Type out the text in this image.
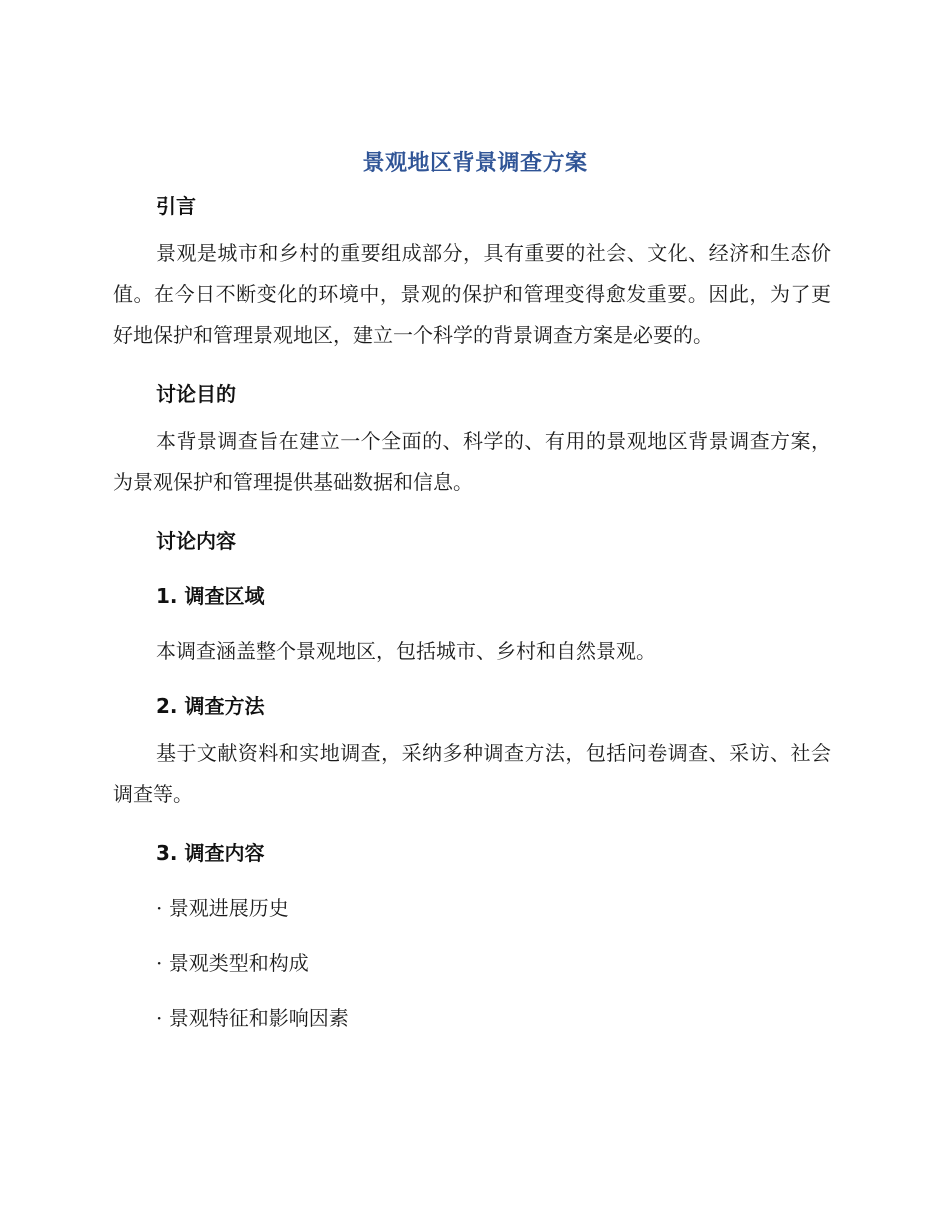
景观地区背景调查方案
引言

景观是城市和乡村的重要组成部分，具有重要的社会、文化、经济和生态价值。在今日不断变化的环境中，景观的保护和管理变得愈发重要。因此，为了更好地保护和管理景观地区，建立一个科学的背景调查方案是必要的。

讨论目的

本背景调查旨在建立一个全面的、科学的、有用的景观地区背景调查方案，为景观保护和管理提供基础数据和信息。

讨论内容
1. 调查区域

本调查涵盖整个景观地区，包括城市、乡村和自然景观。

2. 调查方法

基于文献资料和实地调查，采纳多种调查方法，包括问卷调查、采访、社会调查等。

3. 调查内容

· 景观进展历史

· 景观类型和构成

· 景观特征和影响因素
